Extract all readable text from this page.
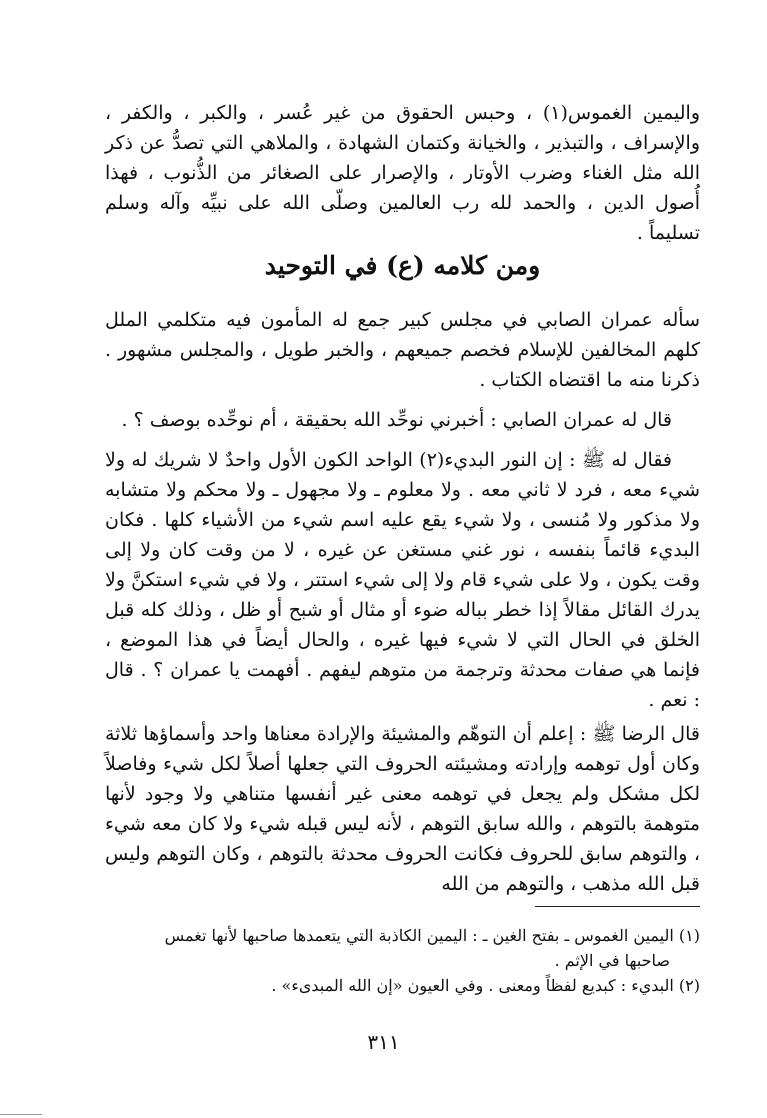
واليمين الغموس(١) ، وحبس الحقوق من غير عُسر ، والكبر ، والكفر ، والإسراف ، والتبذير ، والخيانة وكتمان الشهادة ، والملاهي التي تصدُّ عن ذكر الله مثل الغناء وضرب الأوتار ، والإصرار على الصغائر من الذُّنوب ، فهذا أُصول الدين ، والحمد لله رب العالمين وصلّى الله على نبيِّه وآله وسلم تسليماً .

ومن كلامه (ع) في التوحيد

سأله عمران الصابي في مجلس كبير جمع له المأمون فيه متكلمي الملل كلهم المخالفين للإسلام فخصم جميعهم ، والخبر طويل ، والمجلس مشهور . ذكرنا منه ما اقتضاه الكتاب .

قال له عمران الصابي : أخبرني نوحِّد الله بحقيقة ، أم نوحِّده بوصف ؟ .

فقال له ﷺ : إن النور البديء(٢) الواحد الكون الأول واحدٌ لا شريك له ولا شيء معه ، فرد لا ثاني معه . ولا معلوم ـ ولا مجهول ـ ولا محكم ولا متشابه ولا مذكور ولا مُنسى ، ولا شيء يقع عليه اسم شيء من الأشياء كلها . فكان البديء قائماً بنفسه ، نور غني مستغن عن غيره ، لا من وقت كان ولا إلى وقت يكون ، ولا على شيء قام ولا إلى شيء استتر ، ولا في شيء استكنَّ ولا يدرك القائل مقالاً إذا خطر بباله ضوء أو مثال أو شبح أو ظل ، وذلك كله قبل الخلق في الحال التي لا شيء فيها غيره ، والحال أيضاً في هذا الموضع ، فإنما هي صفات محدثة وترجمة من متوهم ليفهم . أفهمت يا عمران ؟ . قال : نعم .

قال الرضا ﷺ : إعلم أن التوهّم والمشيئة والإرادة معناها واحد وأسماؤها ثلاثة وكان أول توهمه وإرادته ومشيئته الحروف التي جعلها أصلاً لكل شيء وفاصلاً لكل مشكل ولم يجعل في توهمه معنى غير أنفسها متناهي ولا وجود لأنها متوهمة بالتوهم ، والله سابق التوهم ، لأنه ليس قبله شيء ولا كان معه شيء ، والتوهم سابق للحروف فكانت الحروف محدثة بالتوهم ، وكان التوهم وليس قبل الله مذهب ، والتوهم من الله

(١) اليمين الغموس ـ بفتح الغين ـ : اليمين الكاذبة التي يتعمدها صاحبها لأنها تغمس

صاحبها في الإثم .

(٢) البديء : كبديع لفظاً ومعنى . وفي العيون «إن الله المبدىء» .

٣١١
